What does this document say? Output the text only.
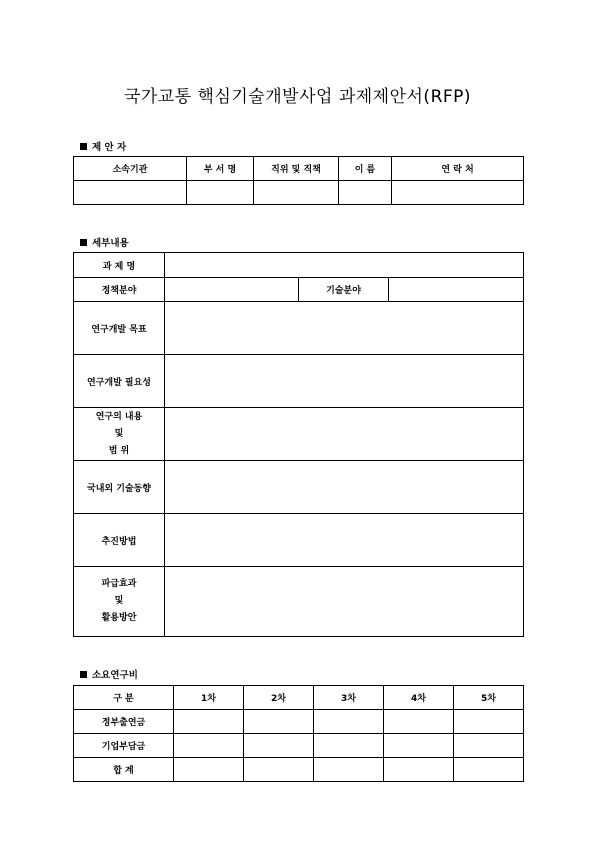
국가교통 핵심기술개발사업 과제제안서(RFP)
제 안 자
소속기관	부 서 명	직위 및 직책	이 름	연 락 처

세부내용
과 제 명			
정책분야		기술분야	
연구개발 목표			
연구개발 필요성			

연구의 내용
및
범 위			

국내외 기술동향			
추진방법			

파급효과
및
활용방안			

소요연구비
구 분	1차	2차	3차	4차	5차
정부출연금					
기업부담금					
합 계					
